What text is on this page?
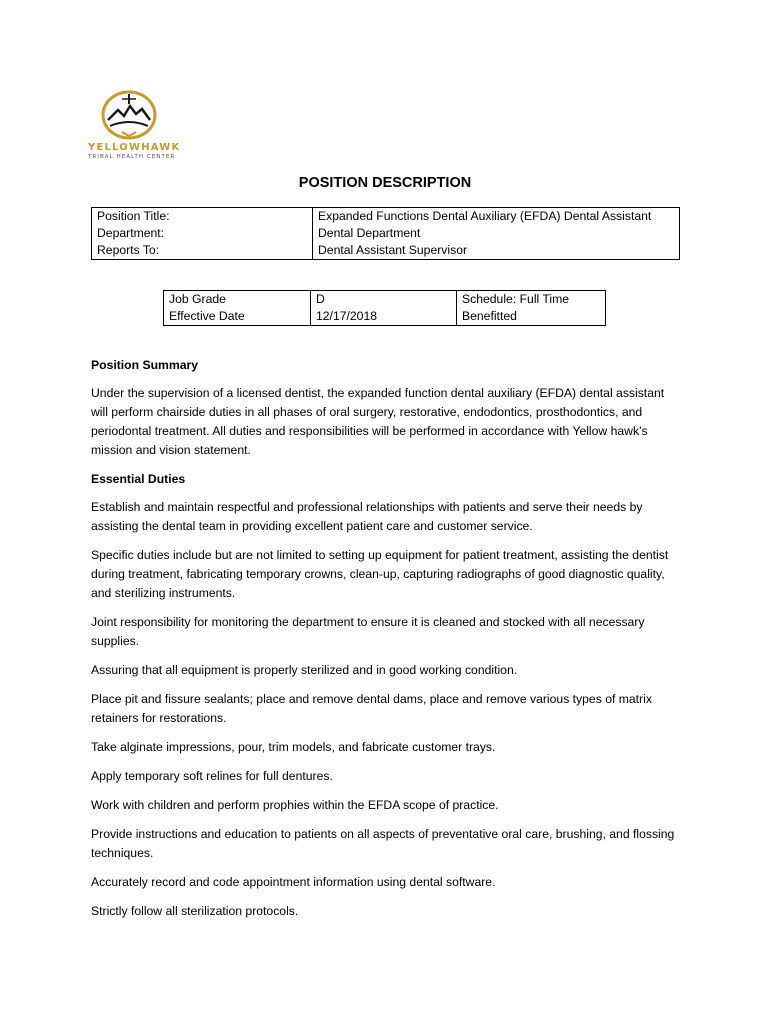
YELLOWHAWK
TRIBAL HEALTH CENTER
POSITION DESCRIPTION
Position Title:	Expanded Functions Dental Auxiliary (EFDA) Dental Assistant
Department:	Dental Department
Reports To:	Dental Assistant Supervisor
Job Grade	D	Schedule: Full Time
Effective Date	12/17/2018	Benefitted
Position Summary

Under the supervision of a licensed dentist, the expanded function dental auxiliary (EFDA) dental assistant will perform chairside duties in all phases of oral surgery, restorative, endodontics, prosthodontics, and periodontal treatment. All duties and responsibilities will be performed in accordance with Yellow hawk’s mission and vision statement.

Essential Duties

Establish and maintain respectful and professional relationships with patients and serve their needs by assisting the dental team in providing excellent patient care and customer service.

Specific duties include but are not limited to setting up equipment for patient treatment, assisting the dentist during treatment, fabricating temporary crowns, clean-up, capturing radiographs of good diagnostic quality, and sterilizing instruments.

Joint responsibility for monitoring the department to ensure it is cleaned and stocked with all necessary supplies.

Assuring that all equipment is properly sterilized and in good working condition.

Place pit and fissure sealants; place and remove dental dams, place and remove various types of matrix retainers for restorations.

Take alginate impressions, pour, trim models, and fabricate customer trays.

Apply temporary soft relines for full dentures.

Work with children and perform prophies within the EFDA scope of practice.

Provide instructions and education to patients on all aspects of preventative oral care, brushing, and flossing techniques.

Accurately record and code appointment information using dental software.

Strictly follow all sterilization protocols.
